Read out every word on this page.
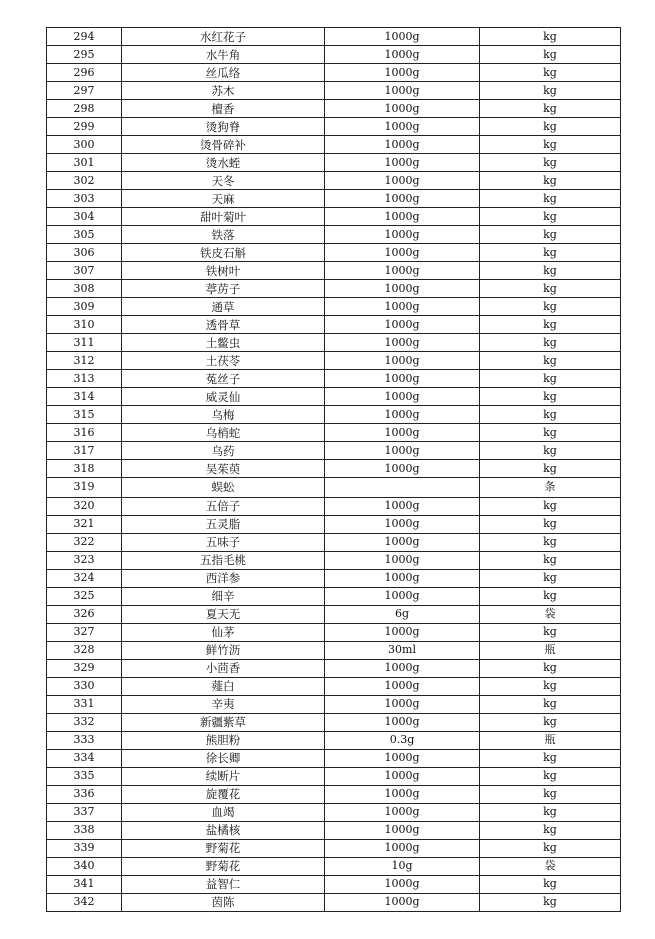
294	水红花子	1000g	kg
295	水牛角	1000g	kg
296	丝瓜络	1000g	kg
297	苏木	1000g	kg
298	檀香	1000g	kg
299	烫狗脊	1000g	kg
300	烫骨碎补	1000g	kg
301	烫水蛭	1000g	kg
302	天冬	1000g	kg
303	天麻	1000g	kg
304	甜叶菊叶	1000g	kg
305	铁落	1000g	kg
306	铁皮石斛	1000g	kg
307	铁树叶	1000g	kg
308	葶苈子	1000g	kg
309	通草	1000g	kg
310	透骨草	1000g	kg
311	土鳖虫	1000g	kg
312	土茯苓	1000g	kg
313	菟丝子	1000g	kg
314	威灵仙	1000g	kg
315	乌梅	1000g	kg
316	乌梢蛇	1000g	kg
317	乌药	1000g	kg
318	吴茱萸	1000g	kg
319	蜈蚣		条
320	五倍子	1000g	kg
321	五灵脂	1000g	kg
322	五味子	1000g	kg
323	五指毛桃	1000g	kg
324	西洋参	1000g	kg
325	细辛	1000g	kg
326	夏天无	6g	袋
327	仙茅	1000g	kg
328	鲜竹沥	30ml	瓶
329	小茴香	1000g	kg
330	薤白	1000g	kg
331	辛夷	1000g	kg
332	新疆紫草	1000g	kg
333	熊胆粉	0.3g	瓶
334	徐长卿	1000g	kg
335	续断片	1000g	kg
336	旋覆花	1000g	kg
337	血竭	1000g	kg
338	盐橘核	1000g	kg
339	野菊花	1000g	kg
340	野菊花	10g	袋
341	益智仁	1000g	kg
342	茵陈	1000g	kg
